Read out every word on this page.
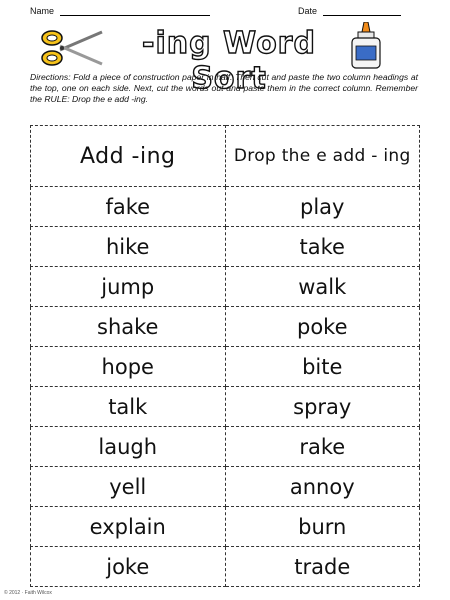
Name	Date
-ing Word Sort
Directions: Fold a piece of construction paper in half. Then cut and paste the two column headings at the top, one on each side. Next, cut the words out and paste them in the correct column. Remember the RULE: Drop the e add -ing.
Add -ing	Drop the e add - ing
fake	play
hike	take
jump	walk
shake	poke
hope	bite
talk	spray
laugh	rake
yell	annoy
explain	burn
joke	trade
© 2012 · Faith Wilcox
